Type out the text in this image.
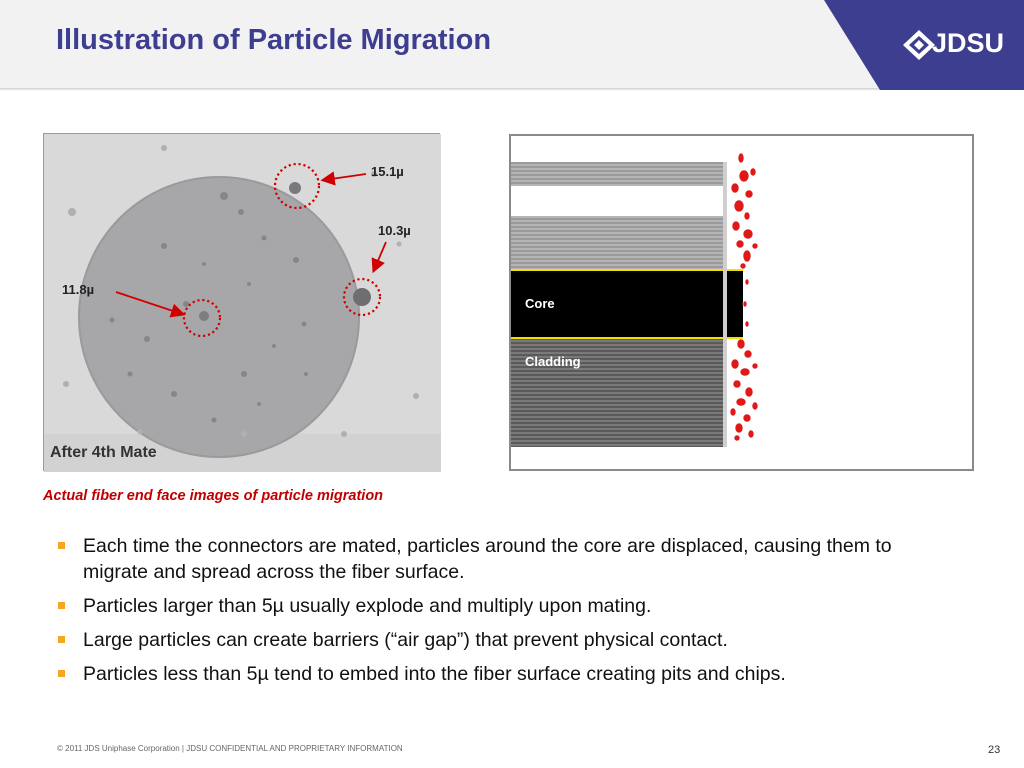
Illustration of Particle Migration	JDSU
15.1µ
10.3µ
11.8µ
After 4th Mate
Core
Cladding
Actual fiber end face images of particle migration
Each time the connectors are mated, particles around the core are displaced, causing them to migrate and spread across the fiber surface.
Particles larger than 5µ usually explode and multiply upon mating.
Large particles can create barriers (“air gap”) that prevent physical contact.
Particles less than 5µ tend to embed into the fiber surface creating pits and chips.
© 2011 JDS Uniphase Corporation | JDSU CONFIDENTIAL AND PROPRIETARY INFORMATION	23
